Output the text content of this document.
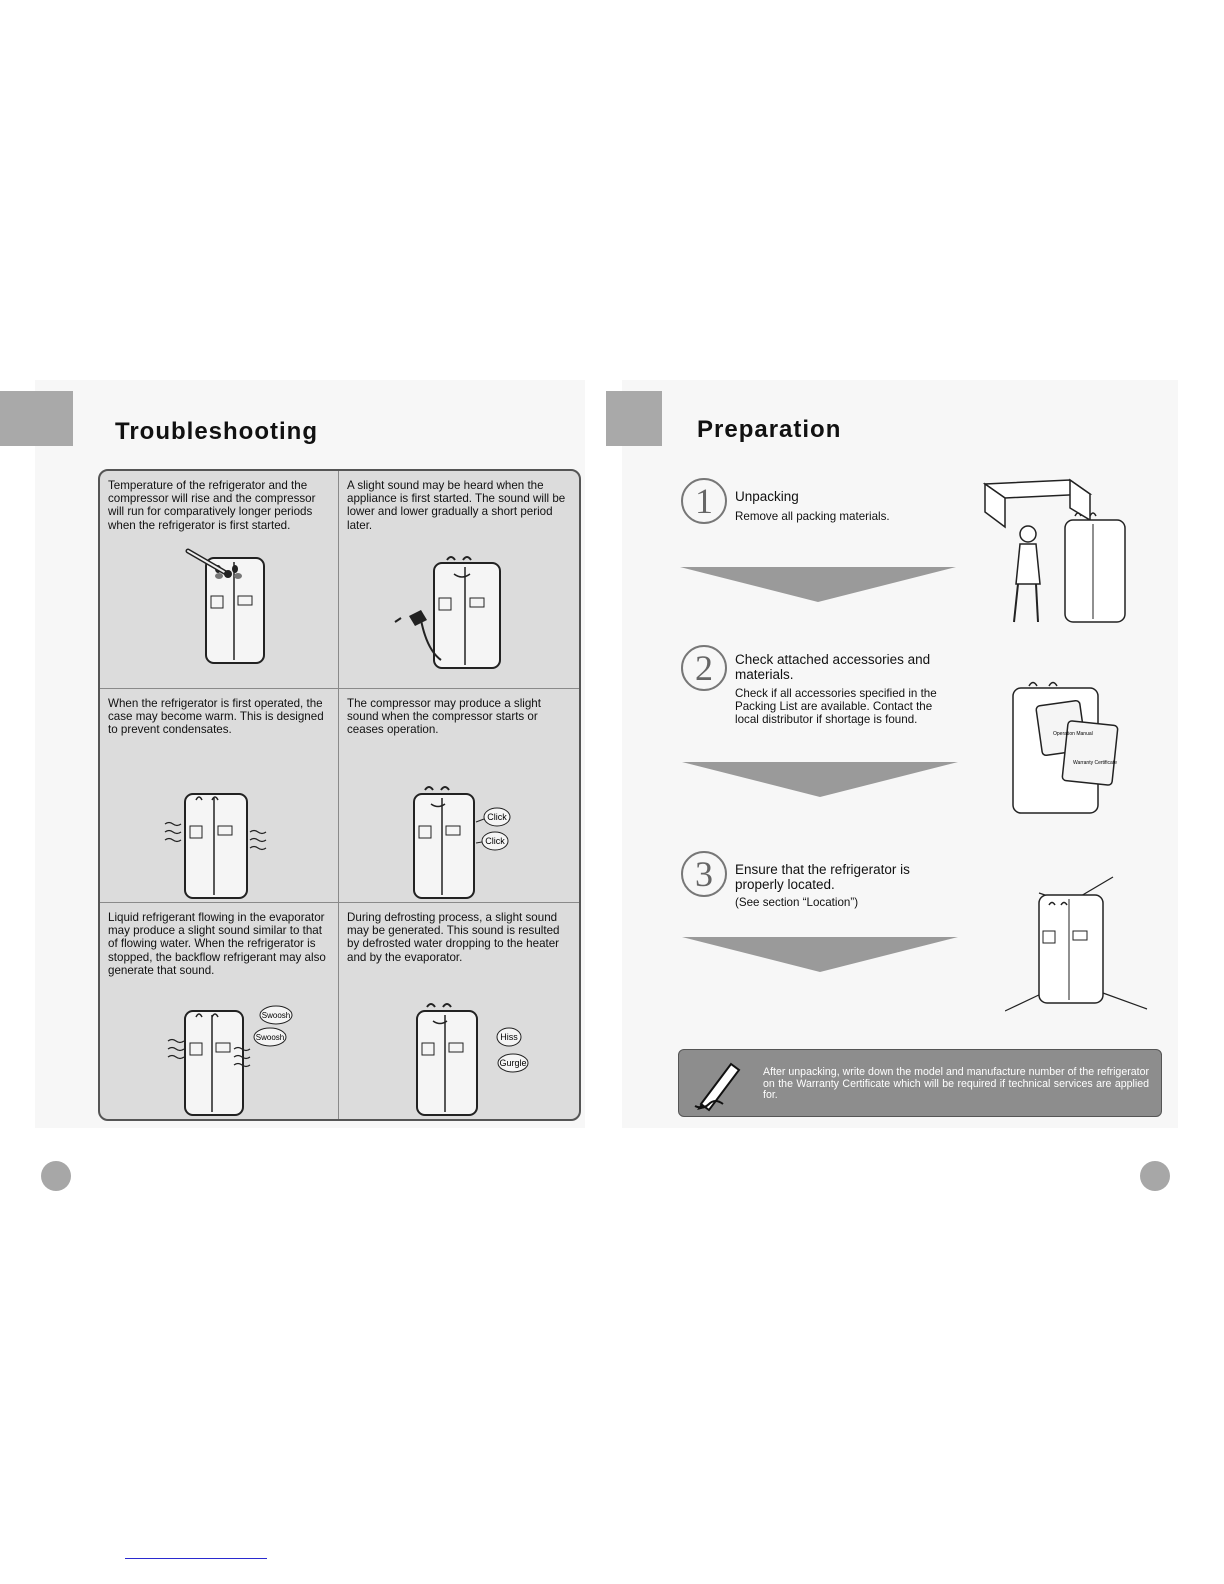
Troubleshooting	Preparation
Temperature of the refrigerator and the compressor will rise and the compressor will run for comparatively longer periods when the refrigerator is first started.
A slight sound may be heard when the appliance is first started. The sound will be lower and lower gradually a short period later.
When the refrigerator is first operated, the case may become warm. This is designed to prevent condensates.
The compressor may produce a slight sound when the compressor starts or ceases operation.
Click
Click
Liquid refrigerant flowing in the evaporator may produce a slight sound similar to that of flowing water. When the refrigerator is stopped, the backflow refrigerant may also generate that sound.
Swoosh
Swoosh
During defrosting process, a slight sound may be generated. This sound is resulted by defrosted water dropping to the heater and by the evaporator.
Hiss
Gurgle
1	Unpacking
Remove all packing materials.
2	Check attached accessories and materials.
Check if all accessories specified in the Packing List are available. Contact the local distributor if shortage is found.
Operation Manual
Warranty Certificate
3	Ensure that the refrigerator is properly located.
(See section “Location”)
After unpacking, write down the model and manufacture number of the refrigerator on the Warranty Certificate which will be required if technical services are applied for.
